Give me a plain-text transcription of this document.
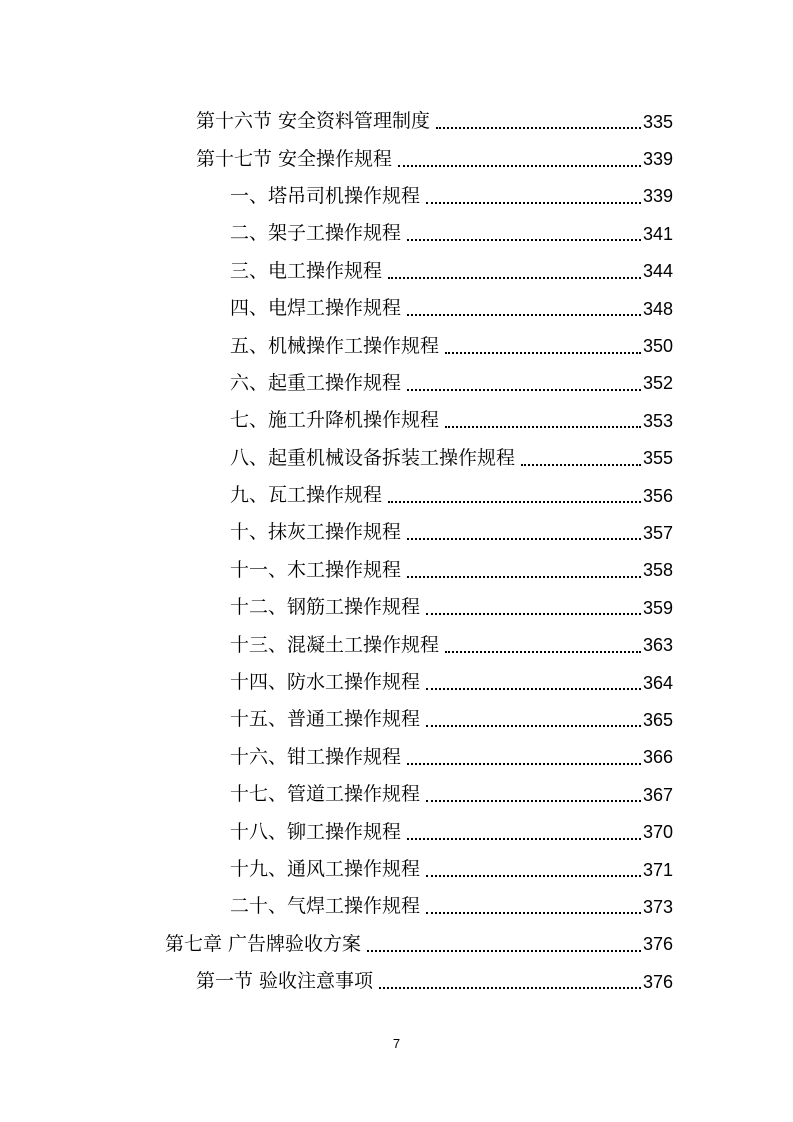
第十六节 安全资料管理制度	335
第十七节 安全操作规程	339
一、塔吊司机操作规程	339
二、架子工操作规程	341
三、电工操作规程	344
四、电焊工操作规程	348
五、机械操作工操作规程	350
六、起重工操作规程	352
七、施工升降机操作规程	353
八、起重机械设备拆装工操作规程	355
九、瓦工操作规程	356
十、抹灰工操作规程	357
十一、木工操作规程	358
十二、钢筋工操作规程	359
十三、混凝土工操作规程	363
十四、防水工操作规程	364
十五、普通工操作规程	365
十六、钳工操作规程	366
十七、管道工操作规程	367
十八、铆工操作规程	370
十九、通风工操作规程	371
二十、气焊工操作规程	373
第七章 广告牌验收方案	376
第一节 验收注意事项	376
7
